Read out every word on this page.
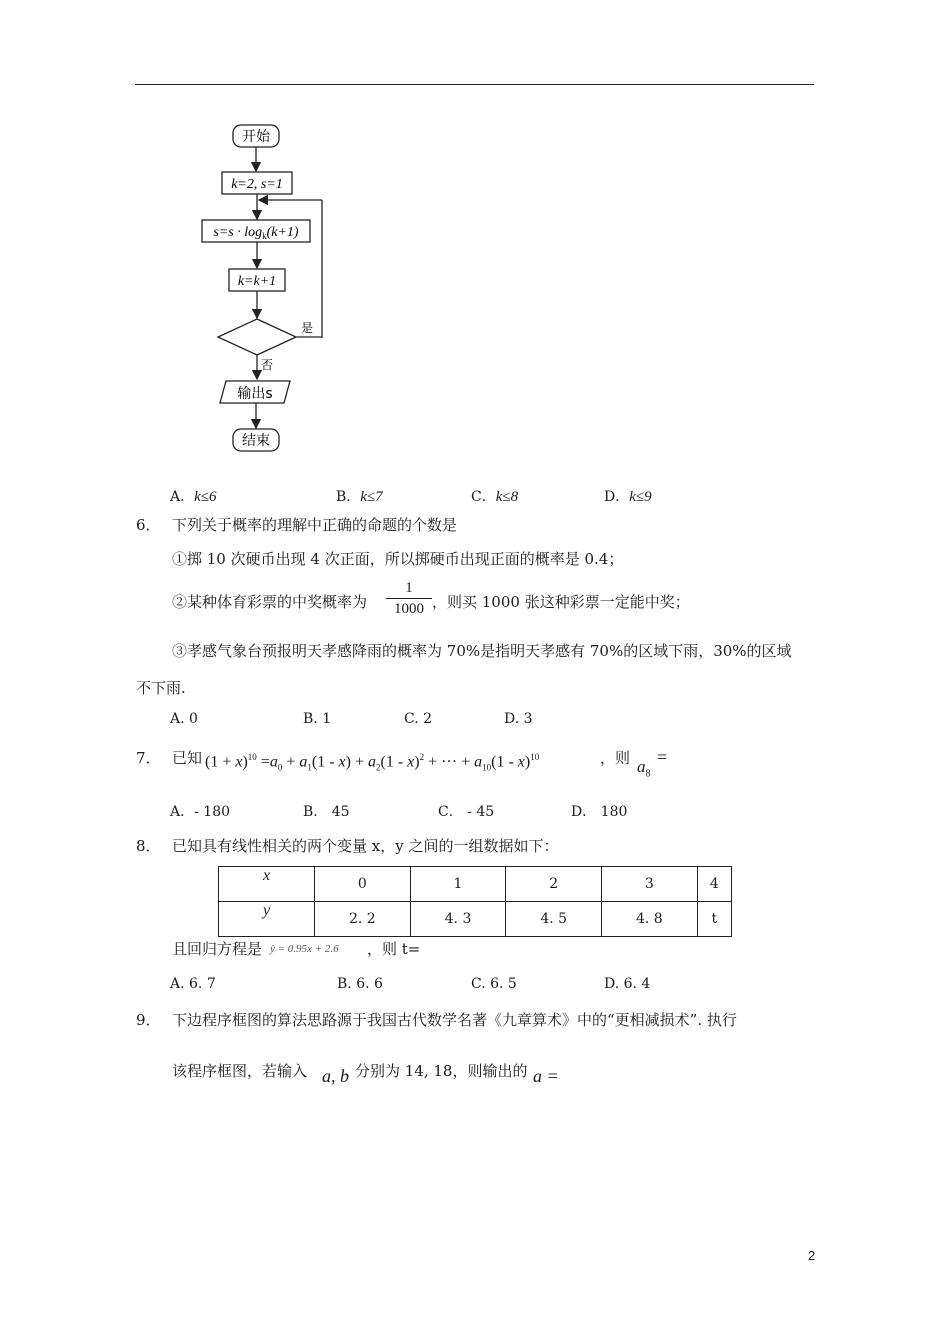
开始
k=2, s=1
$s=s \cdot \log_k(k+1)$
k=k+1
是
否
输出s
结束
A．k≤6	B．k≤7	C．k≤8	D．k≤9
6． 下列关于概率的理解中正确的命题的个数是
①掷 10 次硬币出现 4 次正面，所以掷硬币出现正面的概率是 0.4；
②某种体育彩票的中奖概率为
1
1000 ，则买 1000 张这种彩票一定能中奖；
③孝感气象台预报明天孝感降雨的概率为 70%是指明天孝感有 70%的区域下雨，30%的区域
不下雨.
A. 0	B. 1	C. 2	D. 3
7． 已知 $(1 + x)^{10} =a_0 + a_1(1 - x) + a_2(1 - x)^2$ + ··· + $a_{10}(1 - x)^{10}$	，则 $a_8$
=
A．- 180	B． 45	C． - 45	D． 180
8． 已知具有线性相关的两个变量 x，y 之间的一组数据如下：
x	0	1	2	3	4
y	2. 2	4. 3	4. 5	4. 8	t
且回归方程是 ŷ = 0.95x + 2.6 ，则 t=
A. 6. 7	B. 6. 6	C. 6. 5	D. 6. 4
9． 下边程序框图的算法思路源于我国古代数学名著《九章算术》中的“更相减损术”. 执行
该程序框图，若输入 a, b 分别为 14, 18，则输出的 a =
2
